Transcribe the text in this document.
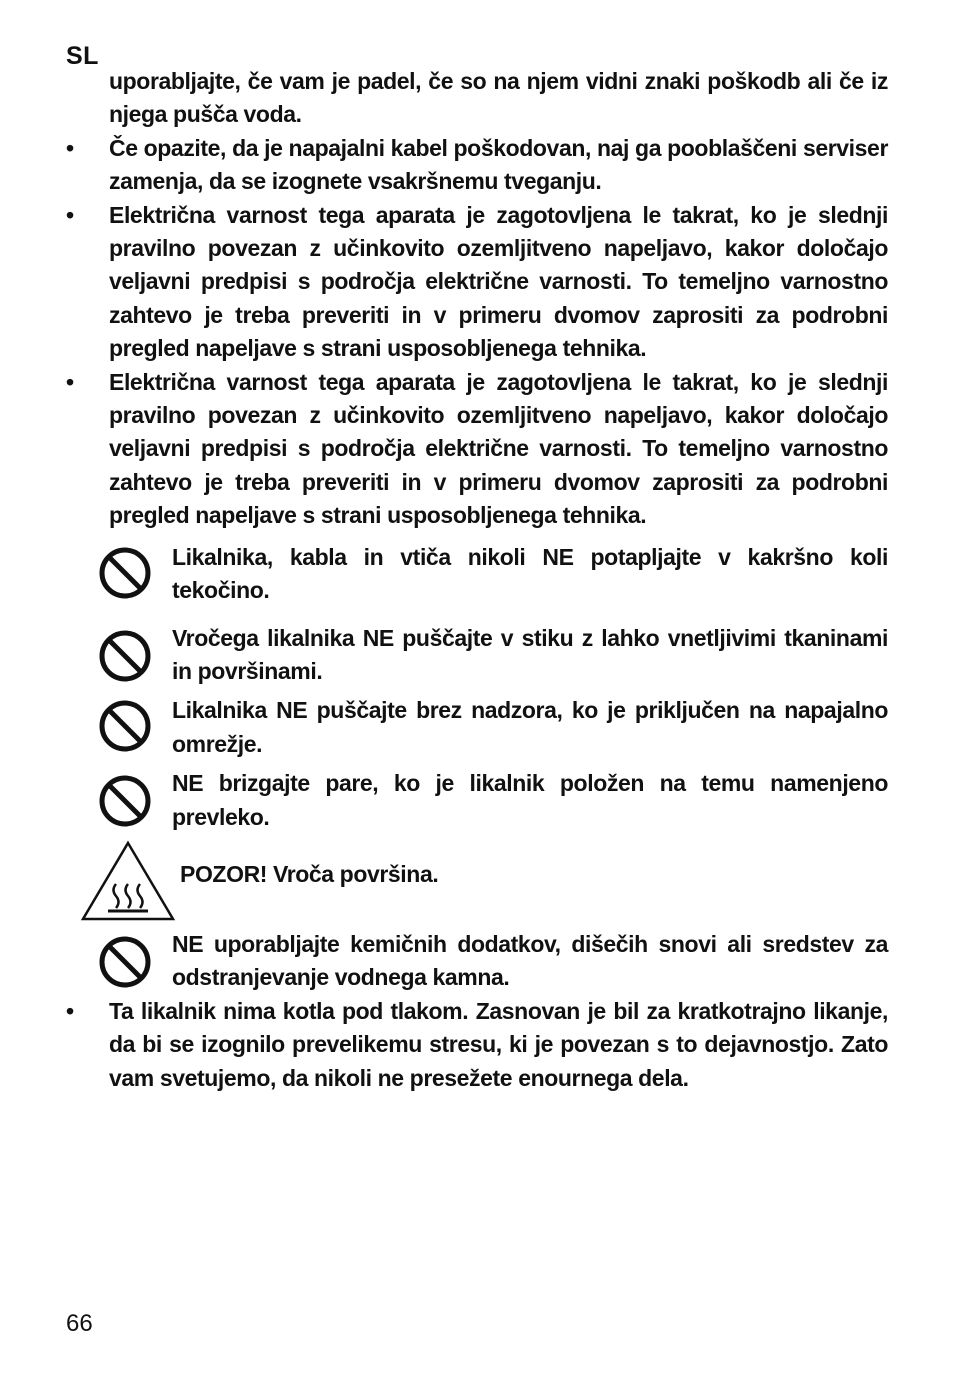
SL

uporabljajte, če vam je padel, če so na njem vidni znaki poškodb ali če iz njega pušča voda.

• Če opazite, da je napajalni kabel poškodovan, naj ga pooblaščeni serviser zamenja, da se izognete vsakršnemu tveganju.

• Električna varnost tega aparata je zagotovljena le takrat, ko je slednji pravilno povezan z učinkovito ozemljitveno napeljavo, kakor določajo veljavni predpisi s področja električne varnosti. To temeljno varnostno zahtevo je treba preveriti in v primeru dvomov zaprositi za podrobni pregled napeljave s strani usposobljenega tehnika.

• Električna varnost tega aparata je zagotovljena le takrat, ko je slednji pravilno povezan z učinkovito ozemljitveno napeljavo, kakor določajo veljavni predpisi s področja električne varnosti. To temeljno varnostno zahtevo je treba preveriti in v primeru dvomov zaprositi za podrobni pregled napeljave s strani usposobljenega tehnika.

Likalnika, kabla in vtiča nikoli NE potapljajte v kakršno koli tekočino.

Vročega likalnika NE puščajte v stiku z lahko vnetljivimi tkaninami in površinami.

Likalnika NE puščajte brez nadzora, ko je priključen na napajalno omrežje.

NE brizgajte pare, ko je likalnik položen na temu namenjeno prevleko.

POZOR! Vroča površina.

NE uporabljajte kemičnih dodatkov, dišečih snovi ali sredstev za odstranjevanje vodnega kamna.

• Ta likalnik nima kotla pod tlakom. Zasnovan je bil za kratkotrajno likanje, da bi se izognilo prevelikemu stresu, ki je povezan s to dejavnostjo. Zato vam svetujemo, da nikoli ne presežete enournega dela.

66
